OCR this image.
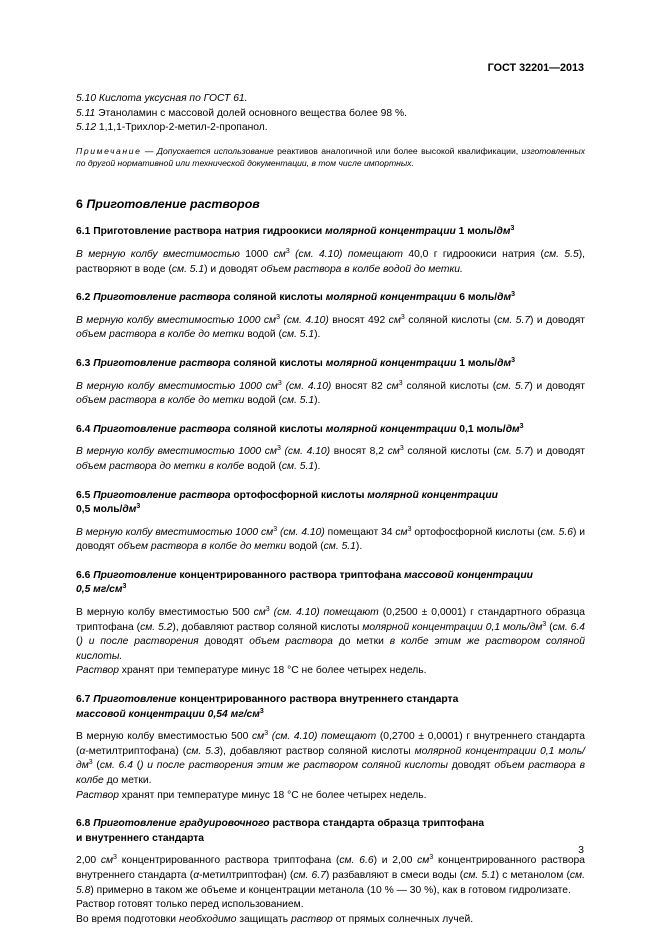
ГОСТ 32201—2013

5.10 Кислота уксусная по ГОСТ 61.

5.11 Этаноламин с массовой долей основного вещества более 98 %.

5.12 1,1,1-Трихлор-2-метил-2-пропанол.

Примечание — Допускается использование реактивов аналогичной или более высокой квалификации, изготовленных по другой нормативной или технической документации, в том числе импортных.

6 Приготовление растворов
6.1 Приготовление раствора натрия гидроокиси молярной концентрации 1 моль/$дм^3$

В мерную колбу вместимостью 1000 $см^3$ (см. 4.10) помещают 40,0 г гидроокиси натрия (см. 5.5), растворяют в воде (см. 5.1) и доводят объем раствора в колбе водой до метки.

6.2 Приготовление раствора соляной кислоты молярной концентрации 6 моль/$дм^3$

В мерную колбу вместимостью 1000 $см^3$ (см. 4.10) вносят 492 $см^3$ соляной кислоты (см. 5.7) и доводят объем раствора в колбе до метки водой (см. 5.1).

6.3 Приготовление раствора соляной кислоты молярной концентрации 1 моль/$дм^3$

В мерную колбу вместимостью 1000 $см^3$ (см. 4.10) вносят 82 $см^3$ соляной кислоты (см. 5.7) и доводят объем раствора в колбе до метки водой (см. 5.1).

6.4 Приготовление раствора соляной кислоты молярной концентрации 0,1 моль/$дм^3$

В мерную колбу вместимостью 1000 $см^3$ (см. 4.10) вносят 8,2 $см^3$ соляной кислоты (см. 5.7) и доводят объем раствора до метки в колбе водой (см. 5.1).

6.5 Приготовление раствора ортофосфорной кислоты молярной концентрации
0,5 моль/$дм^3$

В мерную колбу вместимостью 1000 $см^3$ (см. 4.10) помещают 34 $см^3$ ортофосфорной кислоты (см. 5.6) и доводят объем раствора в колбе до метки водой (см. 5.1).

6.6 Приготовление концентрированного раствора триптофана массовой концентрации
0,5 $мг/см^3$

В мерную колбу вместимостью 500 $см^3$ (см. 4.10) помещают (0,2500 ± 0,0001) г стандартного образца триптофана (см. 5.2), добавляют раствор соляной кислоты молярной концентрации 0,1 моль/$дм^3$ (см. 6.4 () и после растворения доводят объем раствора до метки в колбе этим же раствором соляной кислоты.

Раствор хранят при температуре минус 18 °С не более четырех недель.

6.7 Приготовление концентрированного раствора внутреннего стандарта
массовой концентрации 0,54 $мг/см^3$

В мерную колбу вместимостью 500 $см^3$ (см. 4.10) помещают (0,2700 ± 0,0001) г внутреннего стандарта (α-метилтриптофана) (см. 5.3), добавляют раствор соляной кислоты молярной концентрации 0,1 моль/$дм^3$ (см. 6.4 () и после растворения этим же раствором соляной кислоты доводят объем раствора в колбе до метки.

Раствор хранят при температуре минус 18 °С не более четырех недель.

6.8 Приготовление градуировочного раствора стандарта образца триптофана
и внутреннего стандарта

2,00 $см^3$ концентрированного раствора триптофана (см. 6.6) и 2,00 $см^3$ концентрированного раствора внутреннего стандарта (α-метилтриптофан) (см. 6.7) разбавляют в смеси воды (см. 5.1) с метанолом (см. 5.8) примерно в таком же объеме и концентрации метанола (10 % — 30 %), как в готовом гидролизате.

Раствор готовят только перед использованием.

Во время подготовки необходимо защищать раствор от прямых солнечных лучей.

3
